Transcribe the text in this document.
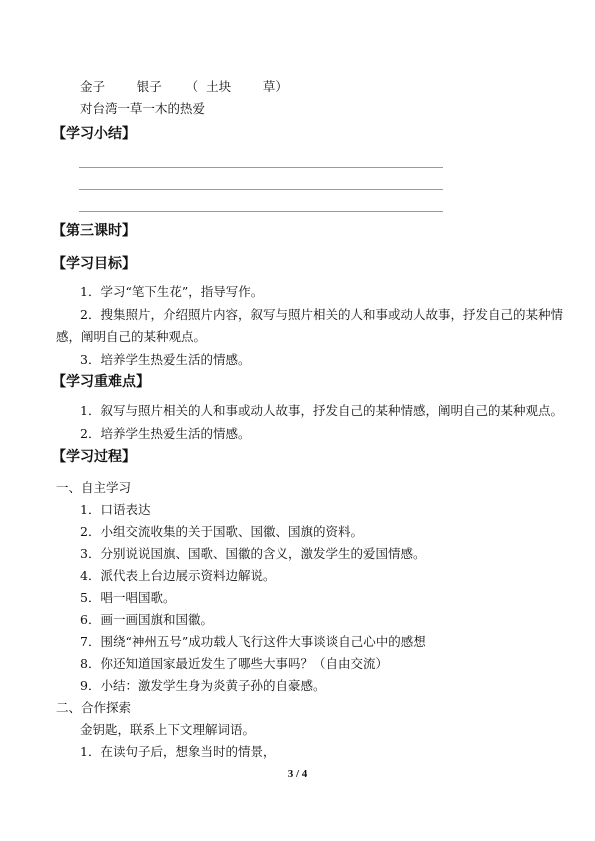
金子        银子      （  土块        草）
对台湾一草一木的热爱
【学习小结】
【第三课时】
【学习目标】
1．学习“笔下生花”，指导写作。
2．搜集照片，介绍照片内容，叙写与照片相关的人和事或动人故事，抒发自己的某种情
感，阐明自己的某种观点。
3．培养学生热爱生活的情感。
【学习重难点】
1．叙写与照片相关的人和事或动人故事，抒发自己的某种情感，阐明自己的某种观点。
2．培养学生热爱生活的情感。
【学习过程】
一、自主学习
1．口语表达
2．小组交流收集的关于国歌、国徽、国旗的资料。
3．分别说说国旗、国歌、国徽的含义，激发学生的爱国情感。
4．派代表上台边展示资料边解说。
5．唱一唱国歌。
6．画一画国旗和国徽。
7．围绕“神州五号”成功载人飞行这件大事谈谈自己心中的感想
8．你还知道国家最近发生了哪些大事吗？（自由交流）
9．小结：激发学生身为炎黄子孙的自豪感。
二、合作探索
金钥匙，联系上下文理解词语。
1．在读句子后，想象当时的情景，
3 / 4
